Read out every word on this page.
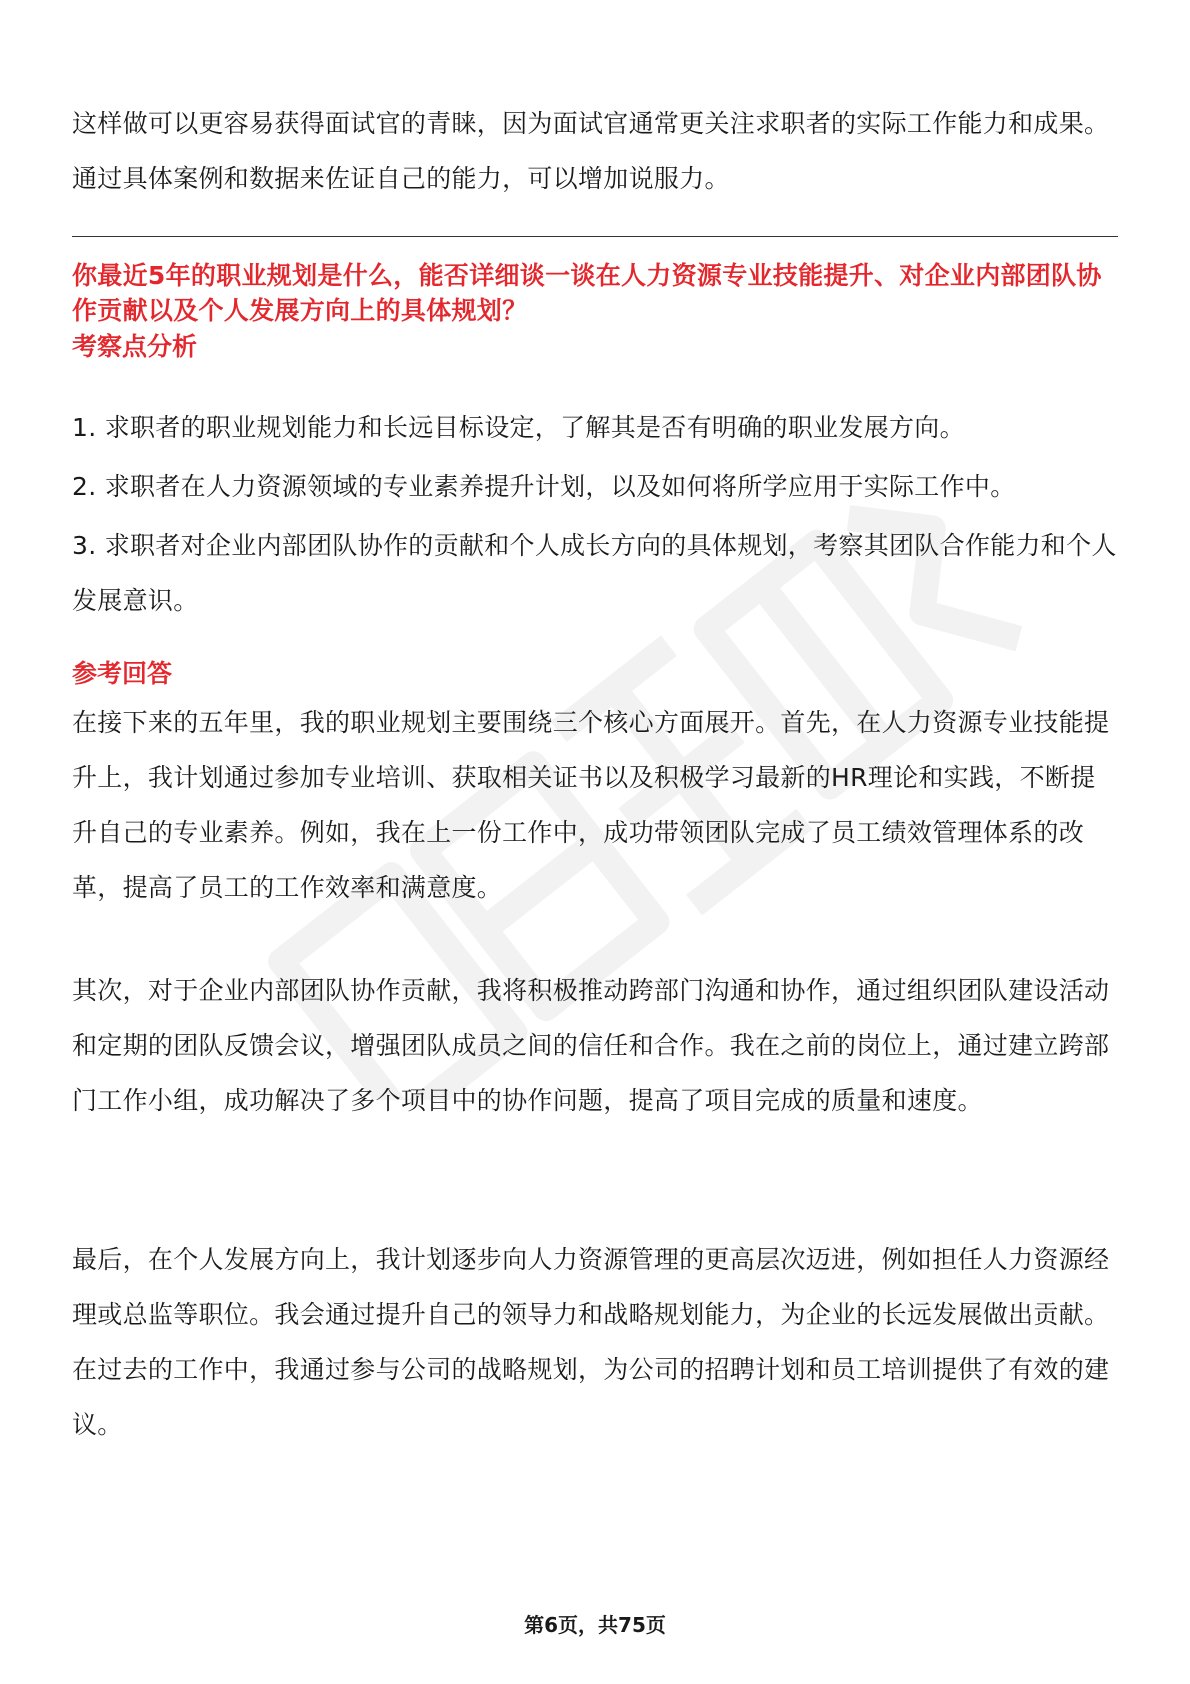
这样做可以更容易获得面试官的青睐，因为面试官通常更关注求职者的实际工作能力和成果。通过具体案例和数据来佐证自己的能力，可以增加说服力。
你最近5年的职业规划是什么，能否详细谈一谈在人力资源专业技能提升、对企业内部团队协作贡献以及个人发展方向上的具体规划？
考察点分析
1. 求职者的职业规划能力和长远目标设定，了解其是否有明确的职业发展方向。
2. 求职者在人力资源领域的专业素养提升计划，以及如何将所学应用于实际工作中。
3. 求职者对企业内部团队协作的贡献和个人成长方向的具体规划，考察其团队合作能力和个人发展意识。
参考回答

在接下来的五年里，我的职业规划主要围绕三个核心方面展开。首先，在人力资源专业技能提升上，我计划通过参加专业培训、获取相关证书以及积极学习最新的HR理论和实践，不断提升自己的专业素养。例如，我在上一份工作中，成功带领团队完成了员工绩效管理体系的改革，提高了员工的工作效率和满意度。

其次，对于企业内部团队协作贡献，我将积极推动跨部门沟通和协作，通过组织团队建设活动和定期的团队反馈会议，增强团队成员之间的信任和合作。我在之前的岗位上，通过建立跨部门工作小组，成功解决了多个项目中的协作问题，提高了项目完成的质量和速度。

最后，在个人发展方向上，我计划逐步向人力资源管理的更高层次迈进，例如担任人力资源经理或总监等职位。我会通过提升自己的领导力和战略规划能力，为企业的长远发展做出贡献。在过去的工作中，我通过参与公司的战略规划，为公司的招聘计划和员工培训提供了有效的建议。

第6页，共75页
